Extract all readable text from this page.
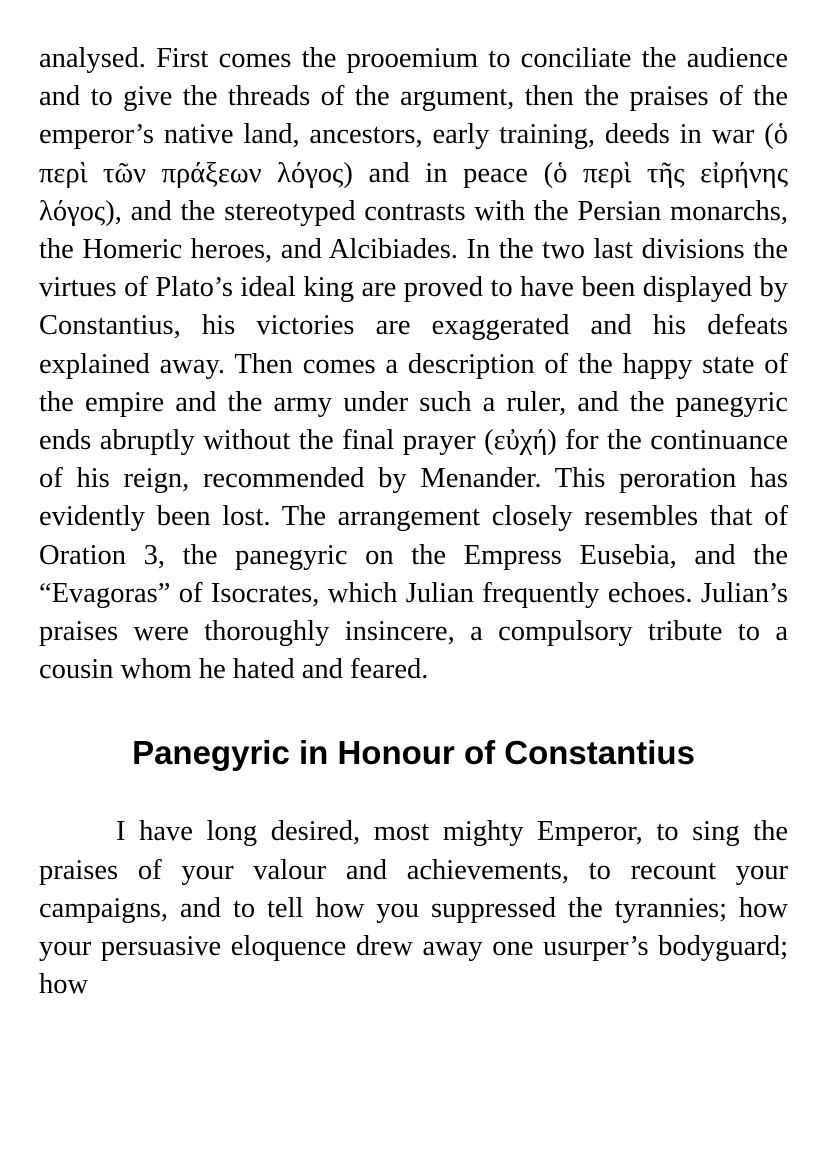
analysed. First comes the prooemium to conciliate the audience and to give the threads of the argument, then the praises of the emperor’s native land, ancestors, early training, deeds in war (ὁ περὶ τῶν πράξεων λόγος) and in peace (ὁ περὶ τῆς εἰρήνης λόγος), and the stereotyped contrasts with the Persian monarchs, the Homeric heroes, and Alcibiades. In the two last divisions the virtues of Plato’s ideal king are proved to have been displayed by Constantius, his victories are exaggerated and his defeats explained away. Then comes a description of the happy state of the empire and the army under such a ruler, and the panegyric ends abruptly without the final prayer (εὐχή) for the continuance of his reign, recommended by Menander. This peroration has evidently been lost. The arrangement closely resembles that of Oration 3, the panegyric on the Empress Eusebia, and the “Evagoras” of Isocrates, which Julian frequently echoes. Julian’s praises were thoroughly insincere, a compulsory tribute to a cousin whom he hated and feared.

Panegyric in Honour of Constantius

I have long desired, most mighty Emperor, to sing the praises of your valour and achievements, to recount your campaigns, and to tell how you suppressed the tyrannies; how your persuasive eloquence drew away one usurper’s bodyguard; how
